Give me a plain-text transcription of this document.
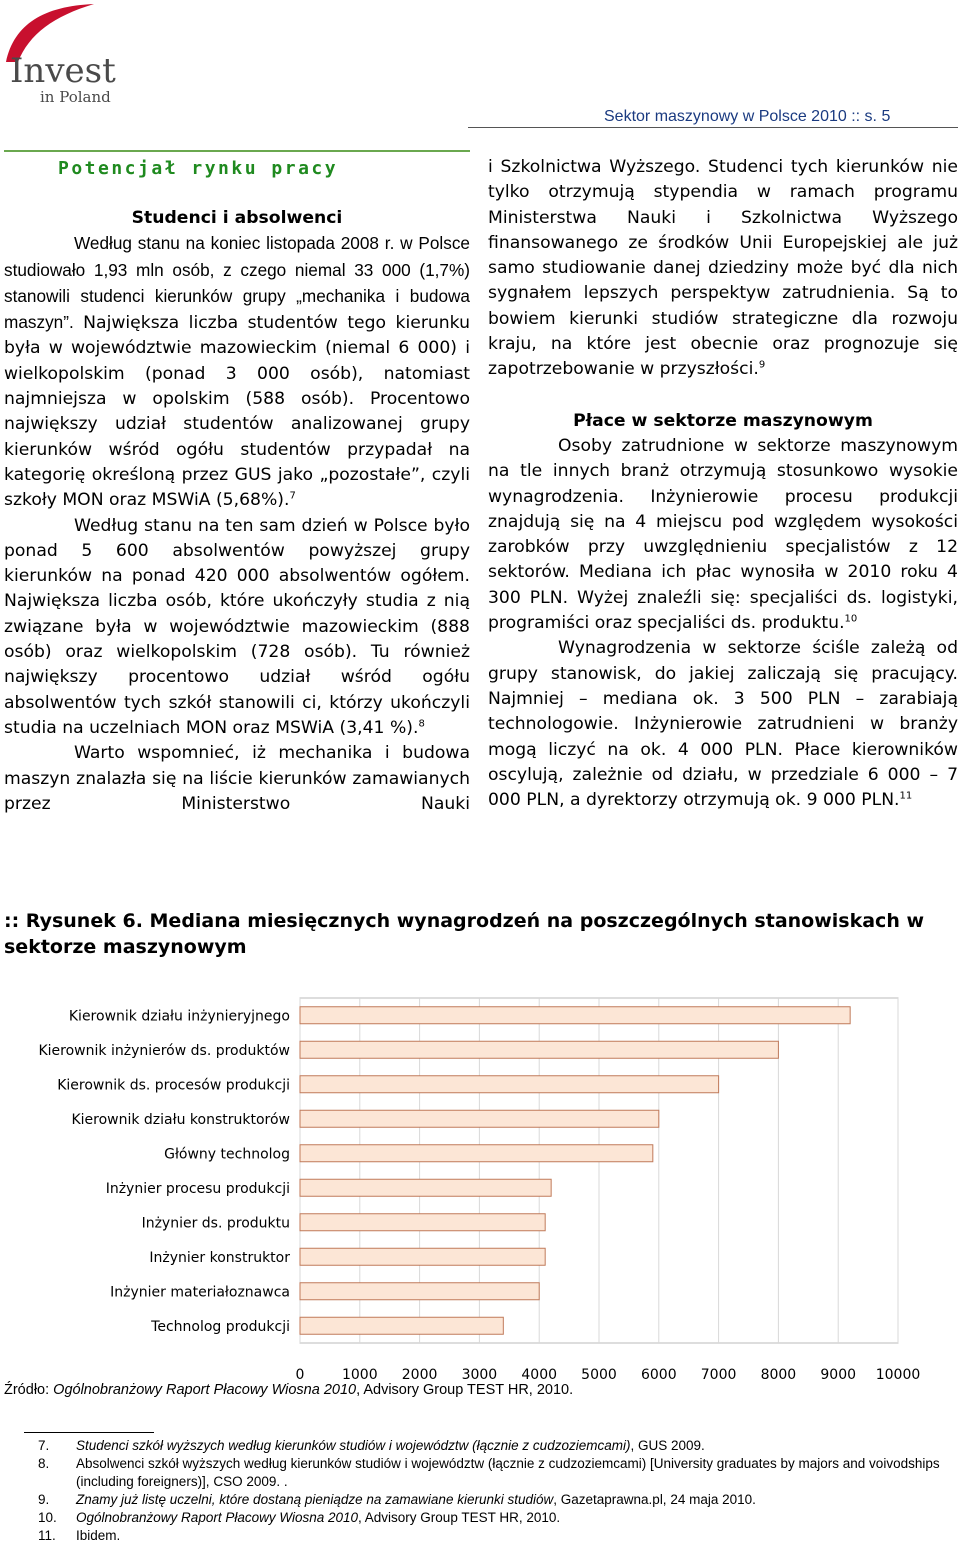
Invest
in Poland
Sektor maszynowy w Polsce 2010 :: s. 5
Potencjał rynku pracy

Studenci i absolwenci

Według stanu na koniec listopada 2008 r. w Polsce studiowało 1,93 mln osób, z czego niemal 33 000 (1,7%) stanowili studenci kierunków grupy „mechanika i budowa maszyn”. Największa liczba studentów tego kierunku była w województwie mazowieckim (niemal 6 000) i wielkopolskim (ponad 3 000 osób), natomiast najmniejsza w opolskim (588 osób). Procentowo największy udział studentów analizowanej grupy kierunków wśród ogółu studentów przypadał na kategorię określoną przez GUS jako „pozostałe”, czyli szkoły MON oraz MSWiA (5,68%).$^7$

Według stanu na ten sam dzień w Polsce było ponad 5 600 absolwentów powyższej grupy kierunków na ponad 420 000 absolwentów ogółem. Największa liczba osób, które ukończyły studia z nią związane była w województwie mazowieckim (888 osób) oraz wielkopolskim (728 osób). Tu również największy procentowo udział wśród ogółu absolwentów tych szkół stanowili ci, którzy ukończyli studia na uczelniach MON oraz MSWiA (3,41 %).$^8$

Warto wspomnieć, iż mechanika i budowa maszyn znalazła się na liście kierunków zamawianych przez Ministerstwo Nauki

i Szkolnictwa Wyższego. Studenci tych kierunków nie tylko otrzymują stypendia w ramach programu Ministerstwa Nauki i Szkolnictwa Wyższego finansowanego ze środków Unii Europejskiej ale już samo studiowanie danej dziedziny może być dla nich sygnałem lepszych perspektyw zatrudnienia. Są to bowiem kierunki studiów strategiczne dla rozwoju kraju, na które jest obecnie oraz prognozuje się zapotrzebowanie w przyszłości.$^9$

Płace w sektorze maszynowym

Osoby zatrudnione w sektorze maszynowym na tle innych branż otrzymują stosunkowo wysokie wynagrodzenia. Inżynierowie procesu produkcji znajdują się na 4 miejscu pod względem wysokości zarobków przy uwzględnieniu specjalistów z 12 sektorów. Mediana ich płac wynosiła w 2010 roku 4 300 PLN. Wyżej znaleźli się: specjaliści ds. logistyki, programiści oraz specjaliści ds. produktu.$^{10}$

Wynagrodzenia w sektorze ściśle zależą od grupy stanowisk, do jakiej zaliczają się pracujący. Najmniej – mediana ok. 3 500 PLN – zarabiają technologowie. Inżynierowie zatrudnieni w branży mogą liczyć na ok. 4 000 PLN. Płace kierowników oscylują, zależnie od działu, w przedziale 6 000 – 7 000 PLN, a dyrektorzy otrzymują ok. 9 000 PLN.$^{11}$

:: Rysunek 6. Mediana miesięcznych wynagrodzeń na poszczególnych stanowiskach w sektorze maszynowym
0	1000 2000 3000 4000 5000 6000 7000 8000 9000 10000
Kierownik działu inżynieryjnego
Kierownik inżynierów ds. produktów
Kierownik ds. procesów produkcji
Kierownik działu konstruktorów
Główny technolog
Inżynier procesu produkcji
Inżynier ds. produktu
Inżynier konstruktor
Inżynier materiałoznawca
Technolog produkcji
Źródło: Ogólnobranżowy Raport Płacowy Wiosna 2010, Advisory Group TEST HR, 2010.
7. Studenci szkół wyższych według kierunków studiów i województw (łącznie z cudzoziemcami), GUS 2009.
8. Absolwenci szkół wyższych według kierunków studiów i województw (łącznie z cudzoziemcami) [University graduates by majors and voivodships (including foreigners)], CSO 2009. .
9. Znamy już listę uczelni, które dostaną pieniądze na zamawiane kierunki studiów, Gazetaprawna.pl, 24 maja 2010.
10. Ogólnobranżowy Raport Płacowy Wiosna 2010, Advisory Group TEST HR, 2010.
11. Ibidem.
